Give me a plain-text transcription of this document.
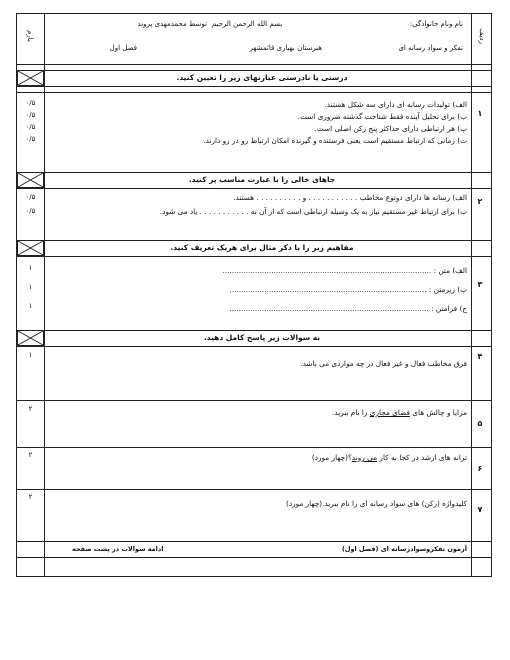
بسم الله الرحمن الرحیم
توسط محمدمهدی پروند	نام ونام خانوادگی:
تفکر و سواد رسانه ای
هنرستان بهیاری قائمشهر
فصل اول
ردیف
بارم
درستی یا نادرستی عبارتهای زیر را تعیین کنید.
۱
الف) تولیدات رسانه ای دارای سه شکل هستند.
ب) برای تحلیل آینده فقط شناخت گذشته ضروری است.
پ) هر ارتباطی دارای حداکثر پنج رکن اصلی است.
ت) زمانی که ارتباط مستقیم است یعنی فرستنده و گیرنده امکان ارتباط رو در رو دارند.
۰/۵
۰/۵
۰/۵
۰/۵
جاهای خالی را با عبارت مناسب پر کنید.
۲
الف) رسانه ها دارای دونوع مخاطب . . . . . . . . . . . و . . . . . . . . . . هستند.
ب) برای ارتباط غیر مستقیم نیاز به یک وسیله ارتباطی است که از آن به . . . . . . . . . . . یاد می شود.
۰/۵
۰/۵
مفاهیم زیر را با ذکر مثال برای هریک تعریف کنید.
۳
الف) متن : ..........................................................................................
ب) زیرمتن : .....................................................................................
ج) فرامتن : ......................................................................................
۱
۱
۱
به سوالات زیر پاسخ کامل دهید.
۴
فرق مخاطب فعال و غیر فعال در چه مواردی می باشد.
۱
۵
مزایا و چالش های فضای مجازی را نام ببرید.
۲
۶
ترانه های ارشد در کجا به کار می روند؟(چهار مورد)
۲
۷
کلیدواژه (رکن) های سواد رسانه ای را نام ببرید.(چهار مورد)
۲
آزمون تفکروسوادرسانه ای (فصل اول)
ادامه سوالات در پشت صفحه
